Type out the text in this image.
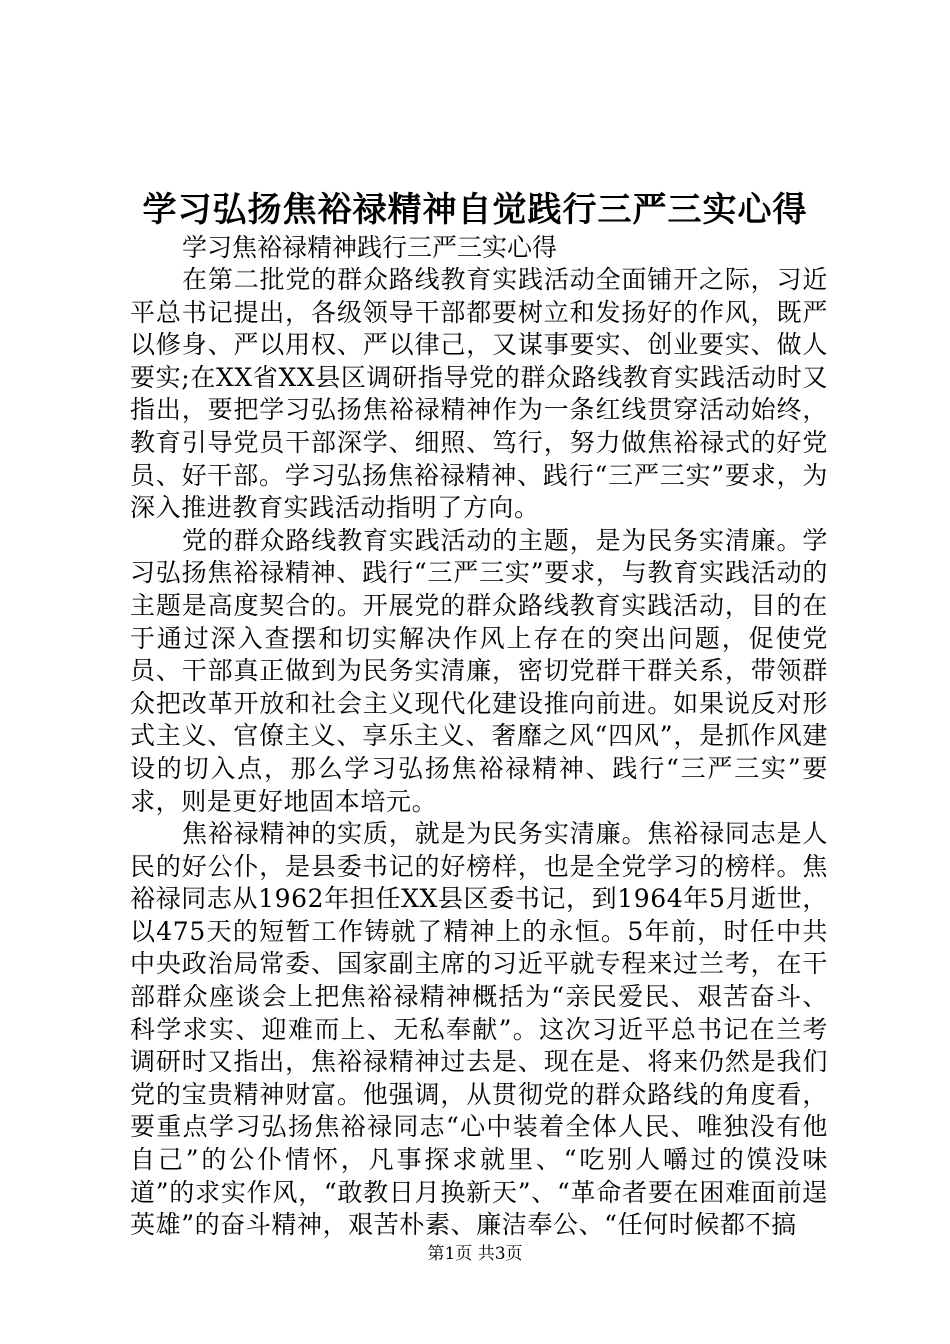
学习弘扬焦裕禄精神自觉践行三严三实心得

学习焦裕禄精神践行三严三实心得

在第二批党的群众路线教育实践活动全面铺开之际，习近平总书记提出，各级领导干部都要树立和发扬好的作风，既严以修身、严以用权、严以律己，又谋事要实、创业要实、做人要实;在XX省XX县区调研指导党的群众路线教育实践活动时又指出，要把学习弘扬焦裕禄精神作为一条红线贯穿活动始终，教育引导党员干部深学、细照、笃行，努力做焦裕禄式的好党员、好干部。学习弘扬焦裕禄精神、践行“三严三实”要求，为深入推进教育实践活动指明了方向。

党的群众路线教育实践活动的主题，是为民务实清廉。学习弘扬焦裕禄精神、践行“三严三实”要求，与教育实践活动的主题是高度契合的。开展党的群众路线教育实践活动，目的在于通过深入查摆和切实解决作风上存在的突出问题，促使党员、干部真正做到为民务实清廉，密切党群干群关系，带领群众把改革开放和社会主义现代化建设推向前进。如果说反对形式主义、官僚主义、享乐主义、奢靡之风“四风”，是抓作风建设的切入点，那么学习弘扬焦裕禄精神、践行“三严三实”要求，则是更好地固本培元。

焦裕禄精神的实质，就是为民务实清廉。焦裕禄同志是人民的好公仆，是县委书记的好榜样，也是全党学习的榜样。焦裕禄同志从1962年担任XX县区委书记，到1964年5月逝世，以475天的短暂工作铸就了精神上的永恒。5年前，时任中共中央政治局常委、国家副主席的习近平就专程来过兰考，在干部群众座谈会上把焦裕禄精神概括为“亲民爱民、艰苦奋斗、科学求实、迎难而上、无私奉献”。这次习近平总书记在兰考调研时又指出，焦裕禄精神过去是、现在是、将来仍然是我们党的宝贵精神财富。他强调，从贯彻党的群众路线的角度看，要重点学习弘扬焦裕禄同志“心中装着全体人民、唯独没有他自己”的公仆情怀，凡事探求就里、“吃别人嚼过的馍没味道”的求实作风，“敢教日月换新天”、“革命者要在困难面前逞英雄”的奋斗精神，艰苦朴素、廉洁奉公、“任何时候都不搞

第1页 共3页
